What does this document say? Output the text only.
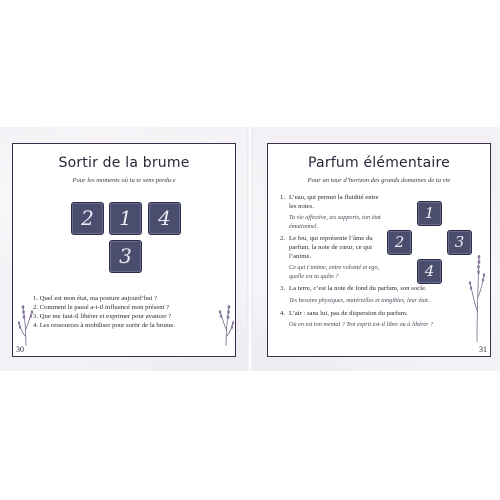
Sortir de la brume
Pour les moments où tu te sens perdu·e
2	1	4
3
1. Quel est mon état, ma posture aujourd’hui ?
2. Comment le passé a-t-il influencé mon présent ?
3. Que me faut-il libérer et exprimer pour avancer ?
4. Les ressources à mobiliser pour sortir de la brume.
30
Parfum élémentaire
Pour un tour d’horizon des grands domaines de ta vie
1. L’eau, qui permet la fluidité entre
les notes.
Ta vie affective, tes supports, ton état
émotionnel.
2. Le feu, qui représente l’âme du
parfum, la note de cœur, ce qui
l’anime.
Ce qui t’anime, entre volonté et ego,
quelle est ta quête ?
3. La terre, c’est la note de fond du parfum, son socle.
Tes besoins physiques, matérielles et tangibles, leur état.
4. L’air : sans lui, pas de dispersion du parfum.
Où en est ton mental ? Ton esprit est-il libre ou à libérer ?
1
2	3
4
31
